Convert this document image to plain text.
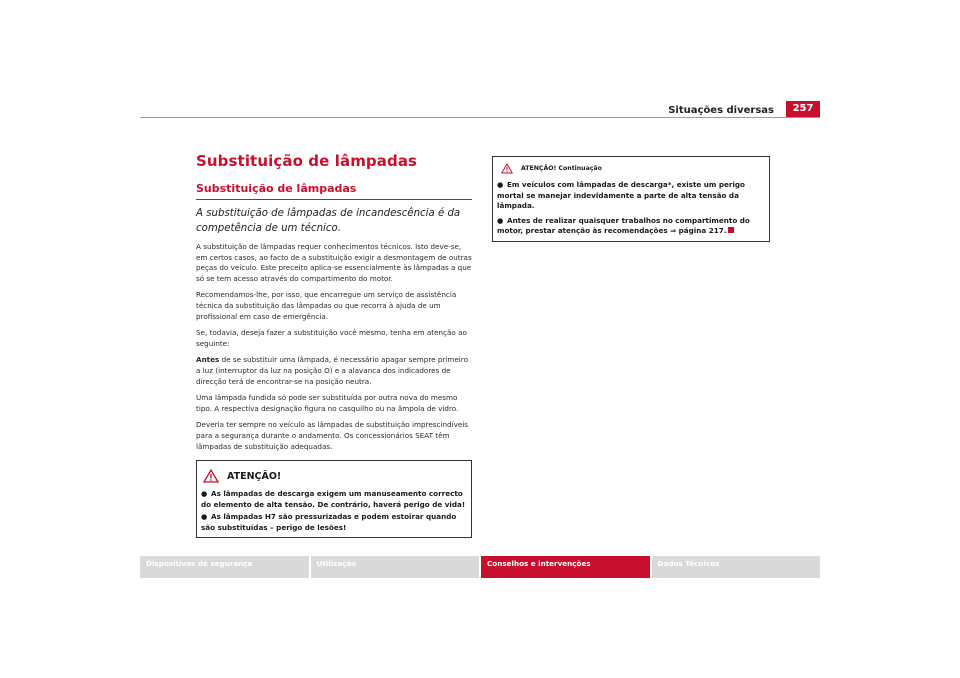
Situações diversas	257
Substituição de lâmpadas
Substituição de lâmpadas
A substituição de lâmpadas de incandescência é da competência de um técnico.

A substituição de lâmpadas requer conhecimentos técnicos. Isto deve-se, em certos casos, ao facto de a substituição exigir a desmontagem de outras peças do veículo. Este preceito aplica-se essencialmente às lâmpadas a que só se tem acesso através do compartimento do motor.

Recomendamos-lhe, por isso, que encarregue um serviço de assistência técnica da substituição das lâmpadas ou que recorra à ajuda de um profissional em caso de emergência.

Se, todavia, deseja fazer a substituição você mesmo, tenha em atenção ao seguinte:

Antes de se substituir uma lâmpada, é necessário apagar sempre primeiro a luz (interruptor da luz na posição O) e a alavanca dos indicadores de direcção terá de encontrar-se na posição neutra.

Uma lâmpada fundida só pode ser substituída por outra nova do mesmo tipo. A respectiva designação figura no casquilho ou na âmpola de vidro.

Deveria ter sempre no veículo as lâmpadas de substituição imprescindíveis para a segurança durante o andamento. Os concessionários SEAT têm lâmpadas de substituição adequadas.

ATENÇÃO!
● As lâmpadas de descarga exigem um manuseamento correcto do elemento de alta tensão. De contrário, haverá perigo de vida!
● As lâmpadas H7 são pressurizadas e podem estoirar quando são substituídas – perigo de lesões!
ATENÇÃO! Continuação
● Em veículos com lâmpadas de descarga*, existe um perigo mortal se manejar indevidamente a parte de alta tensão da lâmpada.
● Antes de realizar quaisquer trabalhos no compartimento do motor, prestar atenção às recomendações ⇒ página 217.
Dispositivos de segurança	Utilização	Conselhos e intervenções	Dados Técnicos
